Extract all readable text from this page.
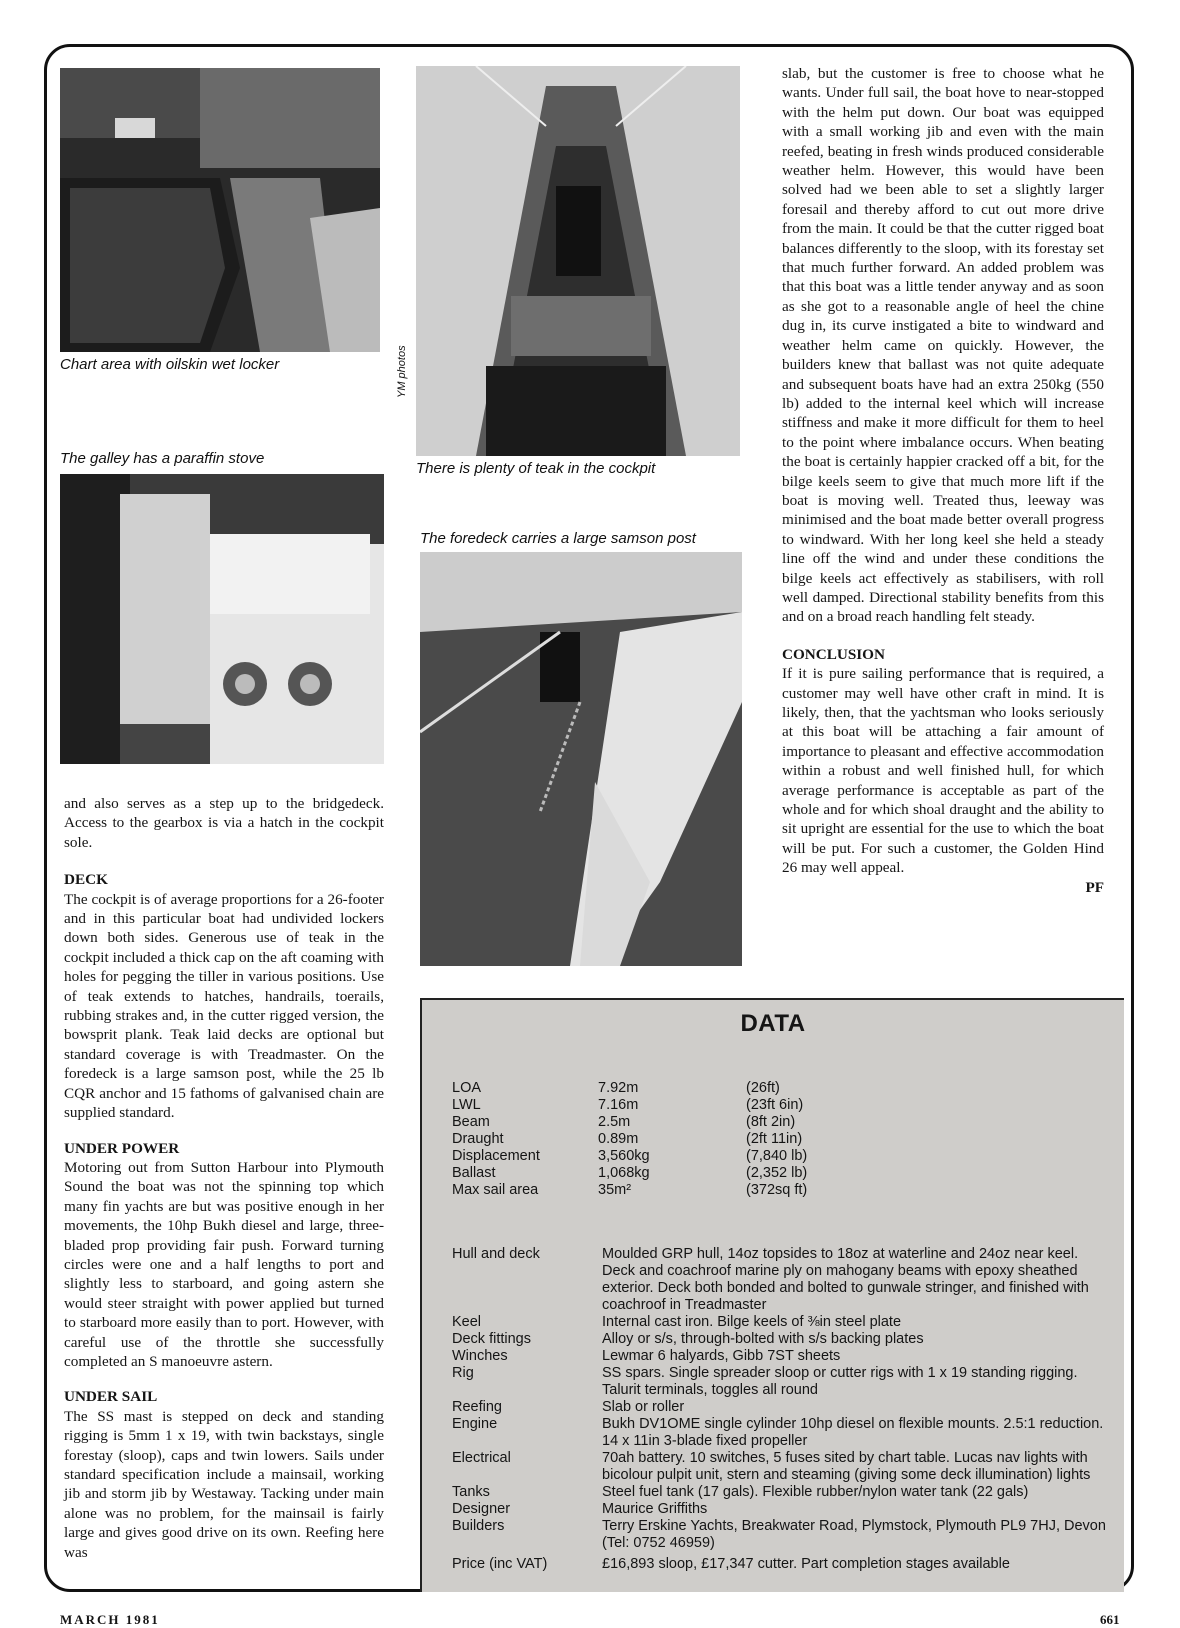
Chart area with oilskin wet locker
The galley has a paraffin stove
YM photos
There is plenty of teak in the cockpit
The foredeck carries a large samson post

and also serves as a step up to the bridgedeck. Access to the gearbox is via a hatch in the cockpit sole.

DECK

The cockpit is of average proportions for a 26-footer and in this particular boat had undivided lockers down both sides. Generous use of teak in the cockpit included a thick cap on the aft coaming with holes for pegging the tiller in various positions. Use of teak extends to hatches, handrails, toerails, rubbing strakes and, in the cutter rigged version, the bowsprit plank. Teak laid decks are optional but standard coverage is with Treadmaster. On the foredeck is a large samson post, while the 25 lb CQR anchor and 15 fathoms of galvanised chain are supplied standard.

UNDER POWER

Motoring out from Sutton Harbour into Plymouth Sound the boat was not the spinning top which many fin yachts are but was positive enough in her movements, the 10hp Bukh diesel and large, three-bladed prop providing fair push. Forward turning circles were one and a half lengths to port and slightly less to starboard, and going astern she would steer straight with power applied but turned to starboard more easily than to port. However, with careful use of the throttle she successfully completed an S manoeuvre astern.

UNDER SAIL

The SS mast is stepped on deck and standing rigging is 5mm 1 x 19, with twin backstays, single forestay (sloop), caps and twin lowers. Sails under standard specification include a mainsail, working jib and storm jib by Westaway. Tacking under main alone was no problem, for the mainsail is fairly large and gives good drive on its own. Reefing here was

slab, but the customer is free to choose what he wants. Under full sail, the boat hove to near-stopped with the helm put down. Our boat was equipped with a small working jib and even with the main reefed, beating in fresh winds produced considerable weather helm. However, this would have been solved had we been able to set a slightly larger foresail and thereby afford to cut out more drive from the main. It could be that the cutter rigged boat balances differently to the sloop, with its forestay set that much further forward. An added problem was that this boat was a little tender anyway and as soon as she got to a reasonable angle of heel the chine dug in, its curve instigated a bite to windward and weather helm came on quickly. However, the builders knew that ballast was not quite adequate and subsequent boats have had an extra 250kg (550 lb) added to the internal keel which will increase stiffness and make it more difficult for them to heel to the point where imbalance occurs. When beating the boat is certainly happier cracked off a bit, for the bilge keels seem to give that much more lift if the boat is moving well. Treated thus, leeway was minimised and the boat made better overall progress to windward. With her long keel she held a steady line off the wind and under these conditions the bilge keels act effectively as stabilisers, with roll well damped. Directional stability benefits from this and on a broad reach handling felt steady.

CONCLUSION

If it is pure sailing performance that is required, a customer may well have other craft in mind. It is likely, then, that the yachtsman who looks seriously at this boat will be attaching a fair amount of importance to pleasant and effective accommodation within a robust and well finished hull, for which average performance is acceptable as part of the whole and for which shoal draught and the ability to sit upright are essential for the use to which the boat will be put. For such a customer, the Golden Hind 26 may well appeal.

PF
DATA
LOA	7.92m	(26ft)
LWL	7.16m	(23ft 6in)
Beam	2.5m	(8ft 2in)
Draught	0.89m	(2ft 11in)
Displacement	3,560kg	(7,840 lb)
Ballast	1,068kg	(2,352 lb)
Max sail area	35m²	(372sq ft)
Hull and deck	Moulded GRP hull, 14oz topsides to 18oz at waterline and 24oz near keel. Deck and coachroof marine ply on mahogany beams with epoxy sheathed exterior. Deck both bonded and bolted to gunwale stringer, and finished with coachroof in Treadmaster
Keel	Internal cast iron. Bilge keels of ⅜in steel plate
Deck fittings	Alloy or s/s, through-bolted with s/s backing plates
Winches	Lewmar 6 halyards, Gibb 7ST sheets
Rig	SS spars. Single spreader sloop or cutter rigs with 1 x 19 standing rigging. Talurit terminals, toggles all round
Reefing	Slab or roller
Engine	Bukh DV1OME single cylinder 10hp diesel on flexible mounts. 2.5:1 reduction. 14 x 11in 3-blade fixed propeller
Electrical	70ah battery. 10 switches, 5 fuses sited by chart table. Lucas nav lights with bicolour pulpit unit, stern and steaming (giving some deck illumination) lights
Tanks	Steel fuel tank (17 gals). Flexible rubber/nylon water tank (22 gals)
Designer	Maurice Griffiths
Builders	Terry Erskine Yachts, Breakwater Road, Plymstock, Plymouth PL9 7HJ, Devon (Tel: 0752 46959)
Price (inc VAT)	£16,893 sloop, £17,347 cutter. Part completion stages available
MARCH 1981	661
